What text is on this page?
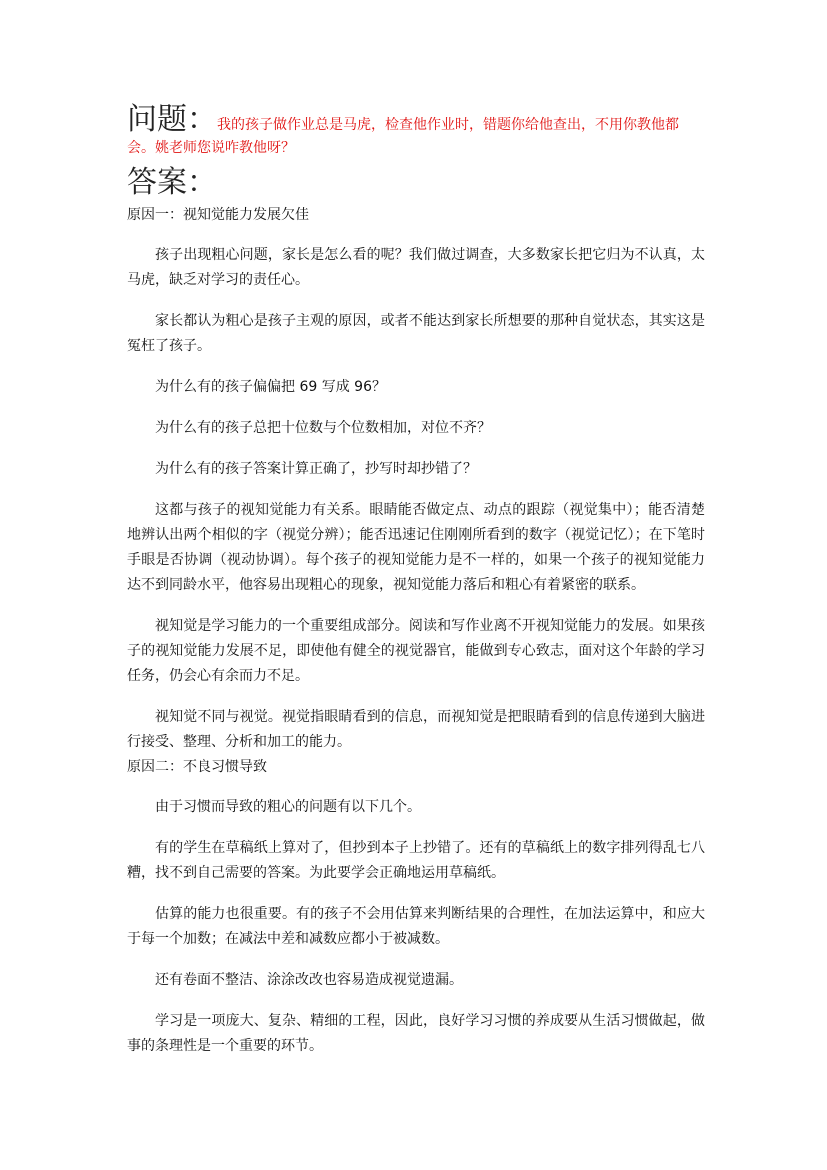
问题：我的孩子做作业总是马虎，检查他作业时，错题你给他查出，不用你教他都

会。姚老师您说咋教他呀？

答案：

原因一：视知觉能力发展欠佳

孩子出现粗心问题，家长是怎么看的呢？我们做过调查，大多数家长把它归为不认真，太马虎，缺乏对学习的责任心。

家长都认为粗心是孩子主观的原因，或者不能达到家长所想要的那种自觉状态，其实这是冤枉了孩子。

为什么有的孩子偏偏把 69 写成 96？

为什么有的孩子总把十位数与个位数相加，对位不齐？

为什么有的孩子答案计算正确了，抄写时却抄错了？

这都与孩子的视知觉能力有关系。眼睛能否做定点、动点的跟踪（视觉集中）；能否清楚地辨认出两个相似的字（视觉分辨）；能否迅速记住刚刚所看到的数字（视觉记忆）；在下笔时手眼是否协调（视动协调）。每个孩子的视知觉能力是不一样的，如果一个孩子的视知觉能力达不到同龄水平，他容易出现粗心的现象，视知觉能力落后和粗心有着紧密的联系。

视知觉是学习能力的一个重要组成部分。阅读和写作业离不开视知觉能力的发展。如果孩子的视知觉能力发展不足，即使他有健全的视觉器官，能做到专心致志，面对这个年龄的学习任务，仍会心有余而力不足。

视知觉不同与视觉。视觉指眼睛看到的信息，而视知觉是把眼睛看到的信息传递到大脑进行接受、整理、分析和加工的能力。

原因二：不良习惯导致

由于习惯而导致的粗心的问题有以下几个。

有的学生在草稿纸上算对了，但抄到本子上抄错了。还有的草稿纸上的数字排列得乱七八糟，找不到自己需要的答案。为此要学会正确地运用草稿纸。

估算的能力也很重要。有的孩子不会用估算来判断结果的合理性，在加法运算中，和应大于每一个加数；在减法中差和减数应都小于被减数。

还有卷面不整洁、涂涂改改也容易造成视觉遗漏。

学习是一项庞大、复杂、精细的工程，因此，良好学习习惯的养成要从生活习惯做起，做事的条理性是一个重要的环节。
